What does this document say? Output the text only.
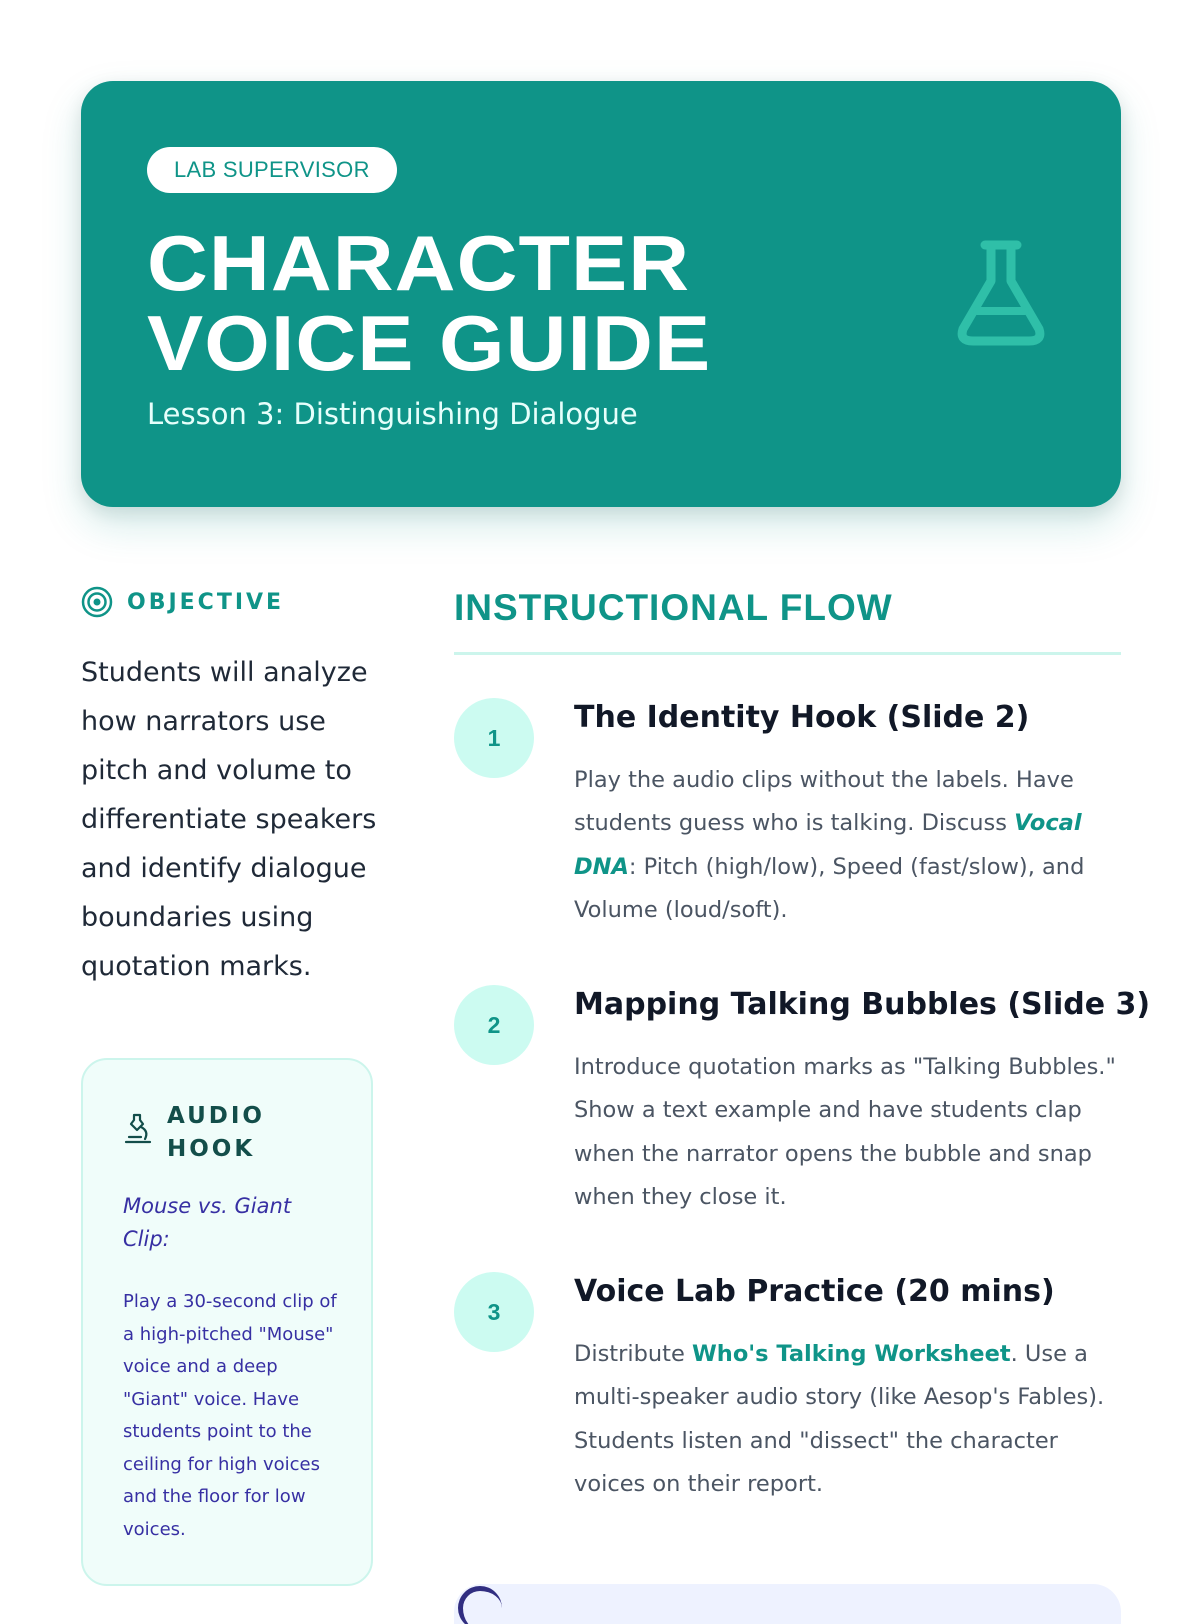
LAB SUPERVISOR
CHARACTER
VOICE GUIDE
Lesson 3: Distinguishing Dialogue
OBJECTIVE
Students will analyze how narrators use pitch and volume to differentiate speakers and identify dialogue boundaries using quotation marks.
AUDIO HOOK
Mouse vs. Giant Clip:
Play a 30-second clip of a high-pitched "Mouse" voice and a deep "Giant" voice. Have students point to the ceiling for high voices and the floor for low voices.
INSTRUCTIONAL FLOW
1
The Identity Hook (Slide 2)
Play the audio clips without the labels. Have students guess who is talking. Discuss Vocal DNA: Pitch (high/low), Speed (fast/slow), and Volume (loud/soft).
2
Mapping Talking Bubbles (Slide 3)
Introduce quotation marks as "Talking Bubbles." Show a text example and have students clap when the narrator opens the bubble and snap when they close it.
3
Voice Lab Practice (20 mins)
Distribute Who's Talking Worksheet. Use a multi-speaker audio story (like Aesop's Fables). Students listen and "dissect" the character voices on their report.
